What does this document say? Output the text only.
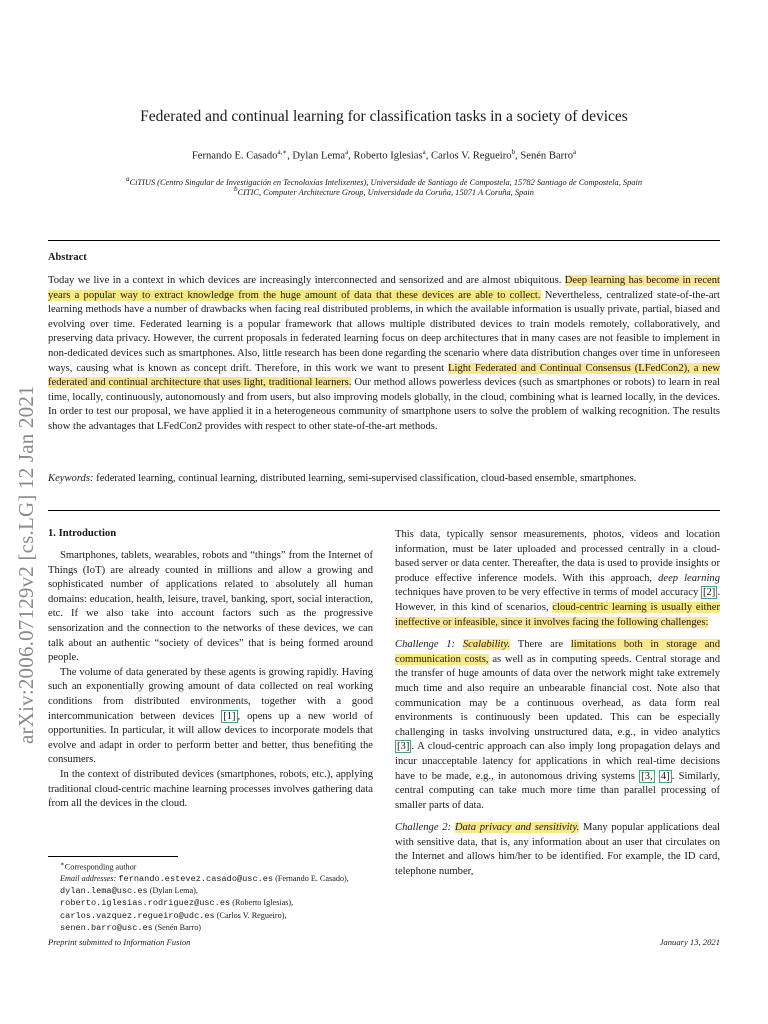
arXiv:2006.07129v2 [cs.LG] 12 Jan 2021
Federated and continual learning for classification tasks in a society of devices
Fernando E. Casado$^{a,∗}$, Dylan Lema$^a$, Roberto Iglesias$^a$, Carlos V. Regueiro$^b$, Senén Barro$^a$
$^a$CiTIUS (Centro Singular de Investigación en Tecnoloxías Intelixentes), Universidade de Santiago de Compostela, 15782 Santiago de Compostela, Spain
$^b$CITIC, Computer Architecture Group, Universidade da Coruña, 15071 A Coruña, Spain
Abstract
Today we live in a context in which devices are increasingly interconnected and sensorized and are almost ubiquitous. Deep learning has become in recent years a popular way to extract knowledge from the huge amount of data that these devices are able to collect. Nevertheless, centralized state-of-the-art learning methods have a number of drawbacks when facing real distributed problems, in which the available information is usually private, partial, biased and evolving over time. Federated learning is a popular framework that allows multiple distributed devices to train models remotely, collaboratively, and preserving data privacy. However, the current proposals in federated learning focus on deep architectures that in many cases are not feasible to implement in non-dedicated devices such as smartphones. Also, little research has been done regarding the scenario where data distribution changes over time in unforeseen ways, causing what is known as concept drift. Therefore, in this work we want to present Light Federated and Continual Consensus (LFedCon2), a new federated and continual architecture that uses light, traditional learners. Our method allows powerless devices (such as smartphones or robots) to learn in real time, locally, continuously, autonomously and from users, but also improving models globally, in the cloud, combining what is learned locally, in the devices. In order to test our proposal, we have applied it in a heterogeneous community of smartphone users to solve the problem of walking recognition. The results show the advantages that LFedCon2 provides with respect to other state-of-the-art methods.
Keywords: federated learning, continual learning, distributed learning, semi-supervised classification, cloud-based ensemble, smartphones.
1. Introduction

Smartphones, tablets, wearables, robots and “things” from the Internet of Things (IoT) are already counted in millions and allow a growing and sophisticated number of applications related to absolutely all human domains: education, health, leisure, travel, banking, sport, social interaction, etc. If we also take into account factors such as the progressive sensorization and the connection to the networks of these devices, we can talk about an authentic “society of devices” that is being formed around people.

The volume of data generated by these agents is growing rapidly. Having such an exponentially growing amount of data collected on real working conditions from distributed environments, together with a good intercommunication between devices [1] , opens up a new world of opportunities. In particular, it will allow devices to incorporate models that evolve and adapt in order to perform better and better, thus benefiting the consumers.

In the context of distributed devices (smartphones, robots, etc.), applying traditional cloud-centric machine learning processes involves gathering data from all the devices in the cloud.

This data, typically sensor measurements, photos, videos and location information, must be later uploaded and processed centrally in a cloud-based server or data center. Thereafter, the data is used to provide insights or produce effective inference models. With this approach, deep learning techniques have proven to be very effective in terms of model accuracy [2] . However, in this kind of scenarios, cloud-centric learning is usually either ineffective or infeasible, since it involves facing the following challenges:

Challenge 1: Scalability. There are limitations both in storage and communication costs, as well as in computing speeds. Central storage and the transfer of huge amounts of data over the network might take extremely much time and also require an unbearable financial cost. Note also that communication may be a continuous overhead, as data form real environments is continuously been updated. This can be especially challenging in tasks involving unstructured data, e.g., in video analytics [3] . A cloud-centric approach can also imply long propagation delays and incur unacceptable latency for applications in which real-time decisions have to be made, e.g., in autonomous driving systems [3, 4] . Similarly, central computing can take much more time than parallel processing of smaller parts of data.

Challenge 2: Data privacy and sensitivity. Many popular applications deal with sensitive data, that is, any information about an user that circulates on the Internet and allows him/her to be identified. For example, the ID card, telephone number,

∗Corresponding author
Email addresses: fernando.estevez.casado@usc.es (Fernando E. Casado), dylan.lema@usc.es (Dylan Lema),
roberto.iglesias.rodriguez@usc.es (Roberto Iglesias),
carlos.vazquez.regueiro@udc.es (Carlos V. Regueiro),
senen.barro@usc.es (Senén Barro)
Preprint submitted to Information Fusion	January 13, 2021
